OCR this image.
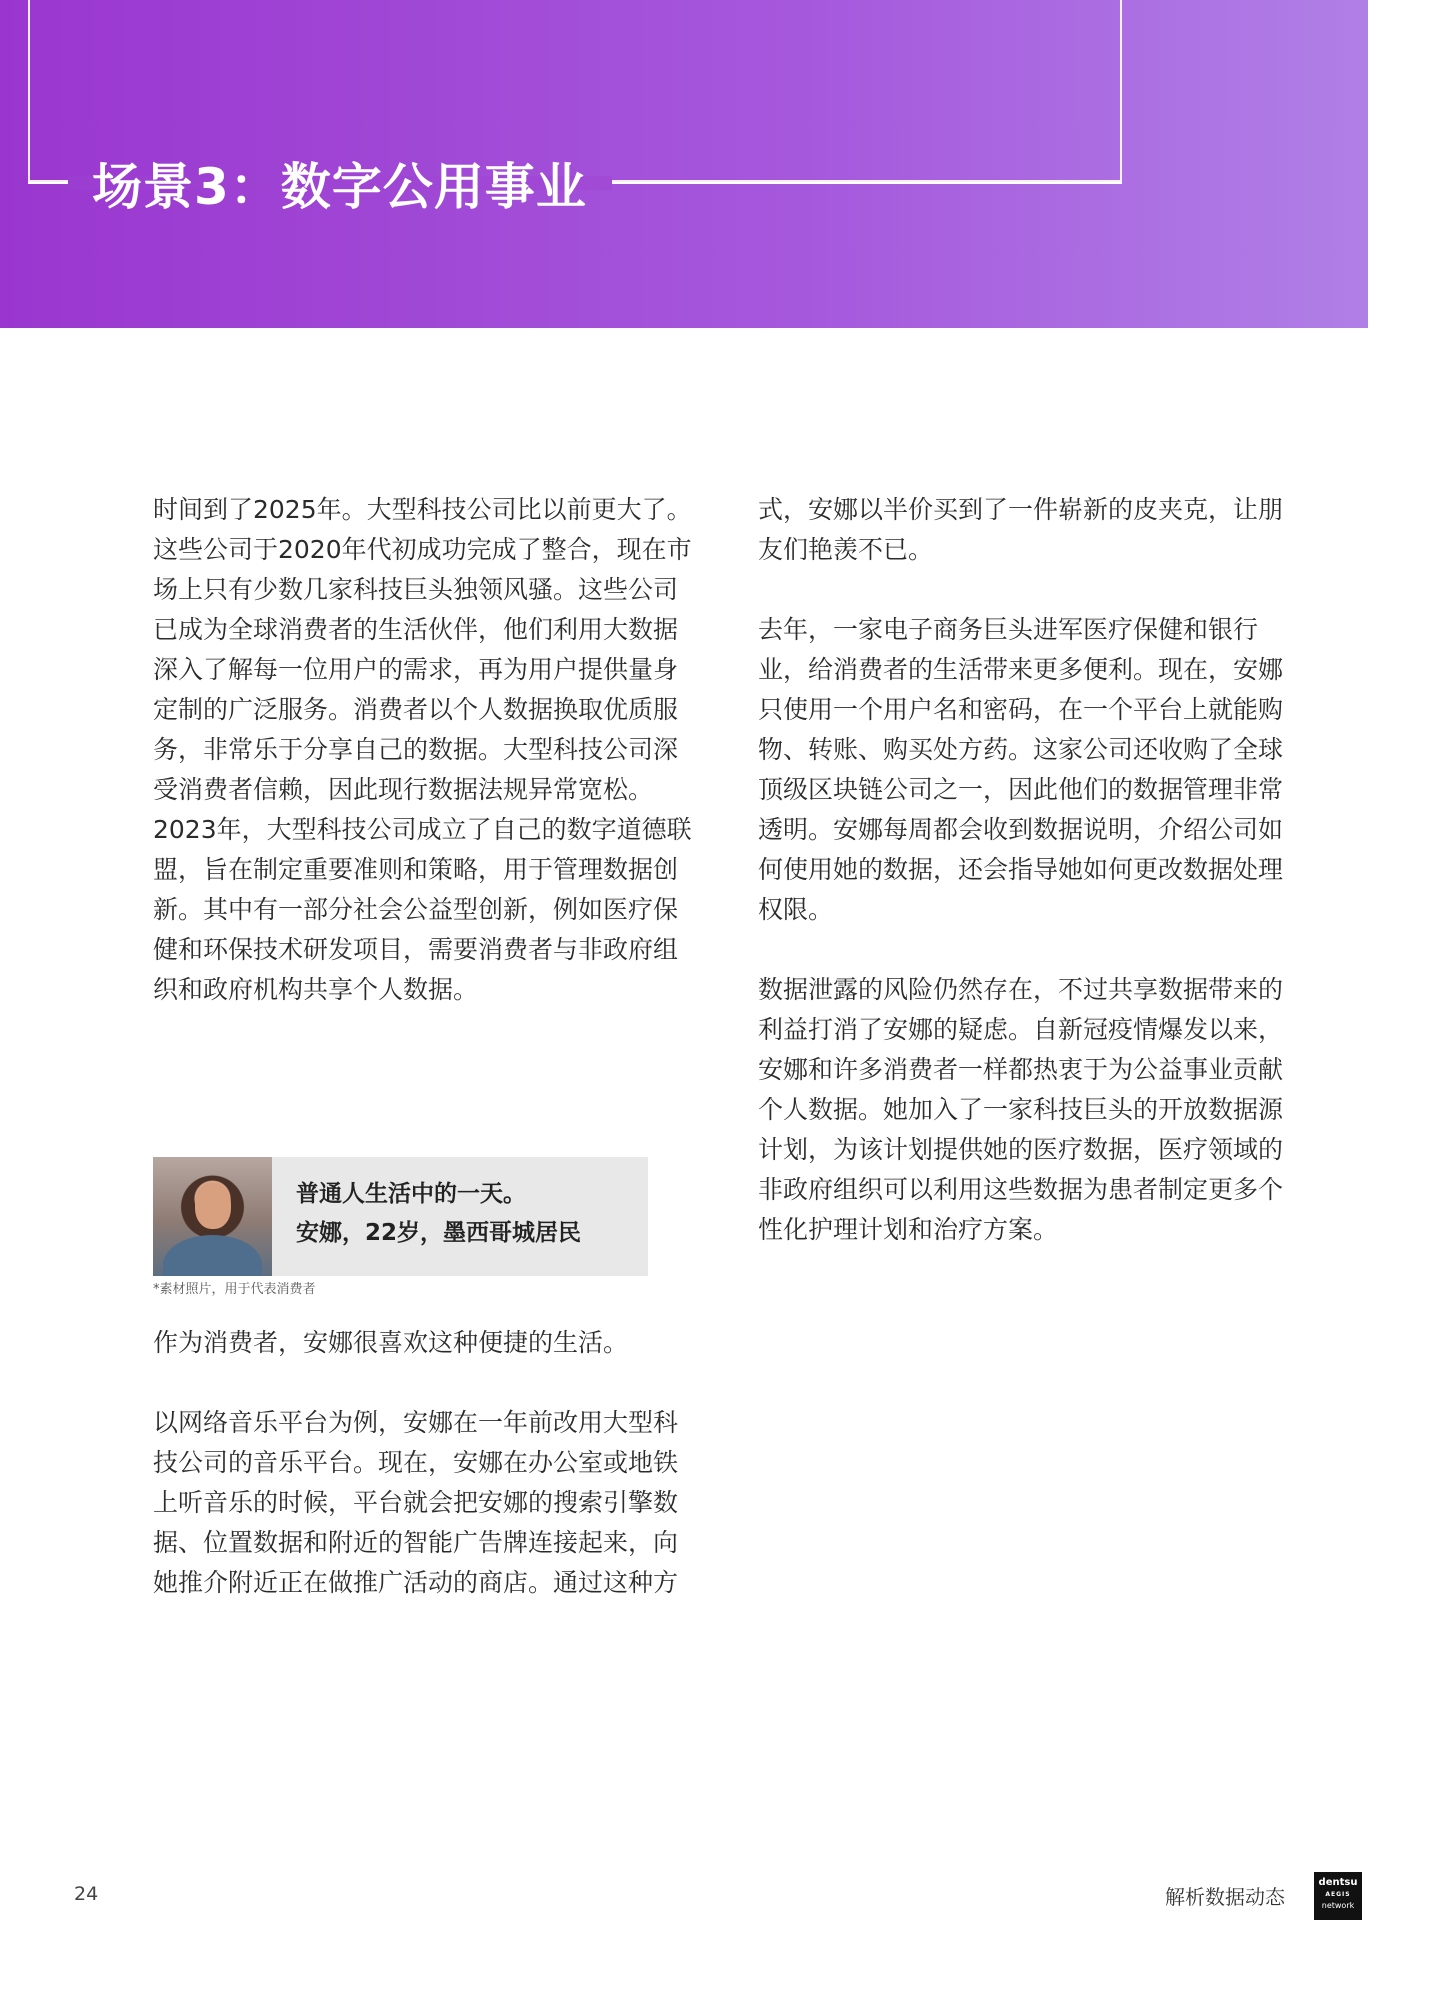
场景3：数字公用事业

时间到了2025年。大型科技公司比以前更大了。这些公司于2020年代初成功完成了整合，现在市场上只有少数几家科技巨头独领风骚。这些公司已成为全球消费者的生活伙伴，他们利用大数据深入了解每一位用户的需求，再为用户提供量身定制的广泛服务。消费者以个人数据换取优质服务，非常乐于分享自己的数据。大型科技公司深受消费者信赖，因此现行数据法规异常宽松。2023年，大型科技公司成立了自己的数字道德联盟，旨在制定重要准则和策略，用于管理数据创新。其中有一部分社会公益型创新，例如医疗保健和环保技术研发项目，需要消费者与非政府组织和政府机构共享个人数据。

普通人生活中的一天。
安娜，22岁，墨西哥城居民
*素材照片，用于代表消费者

作为消费者，安娜很喜欢这种便捷的生活。

以网络音乐平台为例，安娜在一年前改用大型科技公司的音乐平台。现在，安娜在办公室或地铁上听音乐的时候，平台就会把安娜的搜索引擎数据、位置数据和附近的智能广告牌连接起来，向她推介附近正在做推广活动的商店。通过这种方

式，安娜以半价买到了一件崭新的皮夹克，让朋友们艳羡不已。

去年，一家电子商务巨头进军医疗保健和银行业，给消费者的生活带来更多便利。现在，安娜只使用一个用户名和密码，在一个平台上就能购物、转账、购买处方药。这家公司还收购了全球顶级区块链公司之一，因此他们的数据管理非常透明。安娜每周都会收到数据说明，介绍公司如何使用她的数据，还会指导她如何更改数据处理权限。

数据泄露的风险仍然存在，不过共享数据带来的利益打消了安娜的疑虑。自新冠疫情爆发以来，安娜和许多消费者一样都热衷于为公益事业贡献个人数据。她加入了一家科技巨头的开放数据源计划，为该计划提供她的医疗数据，医疗领域的非政府组织可以利用这些数据为患者制定更多个性化护理计划和治疗方案。

24	解析数据动态
dentsu
AEGIS
network
